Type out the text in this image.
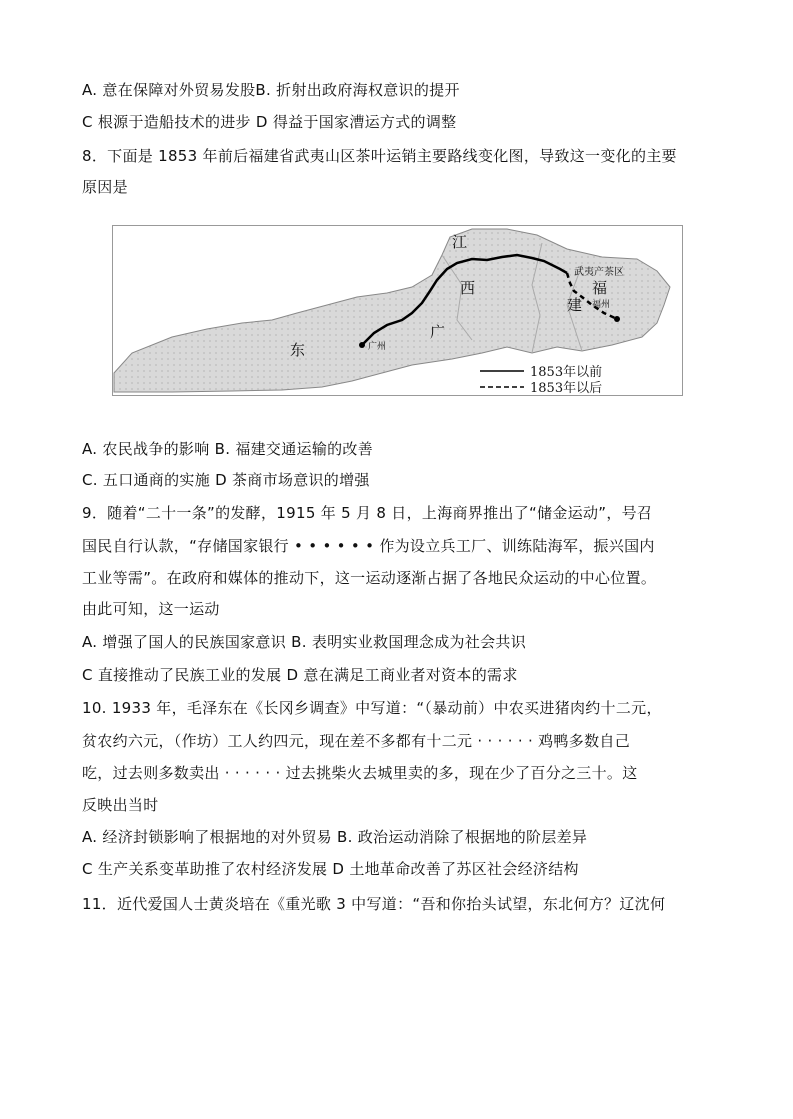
A. 意在保障对外贸易发股B. 折射出政府海权意识的提开
C 根源于造船技术的进步 D 得益于国家漕运方式的调整
8．下面是 1853 年前后福建省武夷山区茶叶运销主要路线变化图，导致这一变化的主要
原因是
江
西	福
建
广
东
武夷产茶区
福州
广州
1853年以前
1853年以后
A. 农民战争的影响 B. 福建交通运输的改善
C. 五口通商的实施 D 茶商市场意识的增强
9．随着“二十一条”的发酵，1915 年 5 月 8 日，上海商界推出了“储金运动”，号召
国民自行认款，“存储国家银行 • • • • • • 作为设立兵工厂、训练陆海军，振兴国内
工业等需”。在政府和媒体的推动下，这一运动逐渐占据了各地民众运动的中心位置。
由此可知，这一运动
A. 增强了国人的民族国家意识 B. 表明实业救国理念成为社会共识
C 直接推动了民族工业的发展 D 意在满足工商业者对资本的需求
10. 1933 年，毛泽东在《长冈乡调查》中写道：“（暴动前）中农买进猪肉约十二元，
贫农约六元，（作坊）工人约四元，现在差不多都有十二元 · · · · · · 鸡鸭多数自己
吃，过去则多数卖出 · · · · · · 过去挑柴火去城里卖的多，现在少了百分之三十。这
反映出当时
A. 经济封锁影响了根据地的对外贸易 B. 政治运动消除了根据地的阶层差异
C 生产关系变革助推了农村经济发展 D 土地革命改善了苏区社会经济结构
11．近代爱国人士黄炎培在《重光歌 3 中写道：“吾和你抬头试望，东北何方？辽沈何
